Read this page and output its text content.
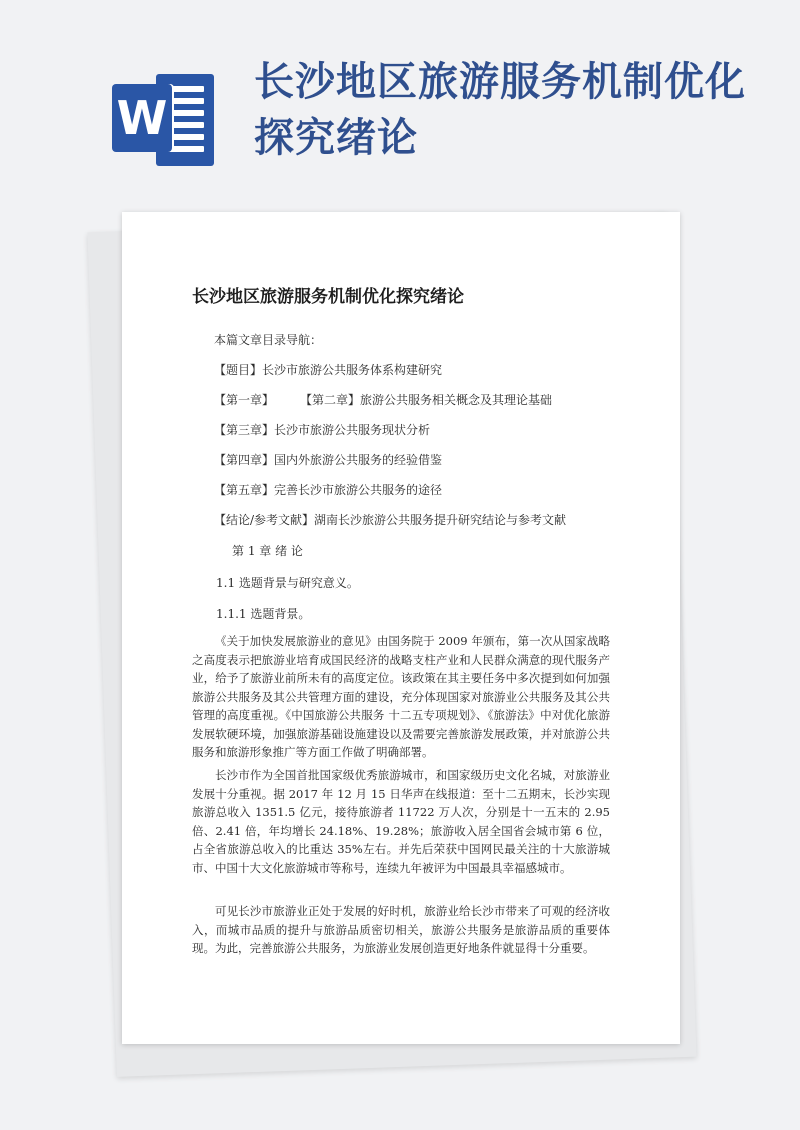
W
长沙地区旅游服务机制优化探究绪论
长沙地区旅游服务机制优化探究绪论
本篇文章目录导航：
【题目】长沙市旅游公共服务体系构建研究
【第一章】 【第二章】旅游公共服务相关概念及其理论基础
【第三章】长沙市旅游公共服务现状分析
【第四章】国内外旅游公共服务的经验借鉴
【第五章】完善长沙市旅游公共服务的途径
【结论/参考文献】湖南长沙旅游公共服务提升研究结论与参考文献
第 1 章 绪 论
1.1 选题背景与研究意义。
1.1.1 选题背景。

《关于加快发展旅游业的意见》由国务院于 2009 年颁布，第一次从国家战略之高度表示把旅游业培育成国民经济的战略支柱产业和人民群众满意的现代服务产业，给予了旅游业前所未有的高度定位。该政策在其主要任务中多次提到如何加强旅游公共服务及其公共管理方面的建设，充分体现国家对旅游业公共服务及其公共管理的高度重视。《中国旅游公共服务 十二五专项规划》、《旅游法》中对优化旅游发展软硬环境，加强旅游基础设施建设以及需要完善旅游发展政策，并对旅游公共服务和旅游形象推广等方面工作做了明确部署。

长沙市作为全国首批国家级优秀旅游城市，和国家级历史文化名城，对旅游业发展十分重视。据 2017 年 12 月 15 日华声在线报道：至十二五期末，长沙实现旅游总收入 1351.5 亿元，接待旅游者 11722 万人次，分别是十一五末的 2.95 倍、2.41 倍，年均增长 24.18%、19.28%；旅游收入居全国省会城市第 6 位，占全省旅游总收入的比重达 35%左右。并先后荣获中国网民最关注的十大旅游城市、中国十大文化旅游城市等称号，连续九年被评为中国最具幸福感城市。

可见长沙市旅游业正处于发展的好时机，旅游业给长沙市带来了可观的经济收入，而城市品质的提升与旅游品质密切相关，旅游公共服务是旅游品质的重要体现。为此，完善旅游公共服务，为旅游业发展创造更好地条件就显得十分重要。
